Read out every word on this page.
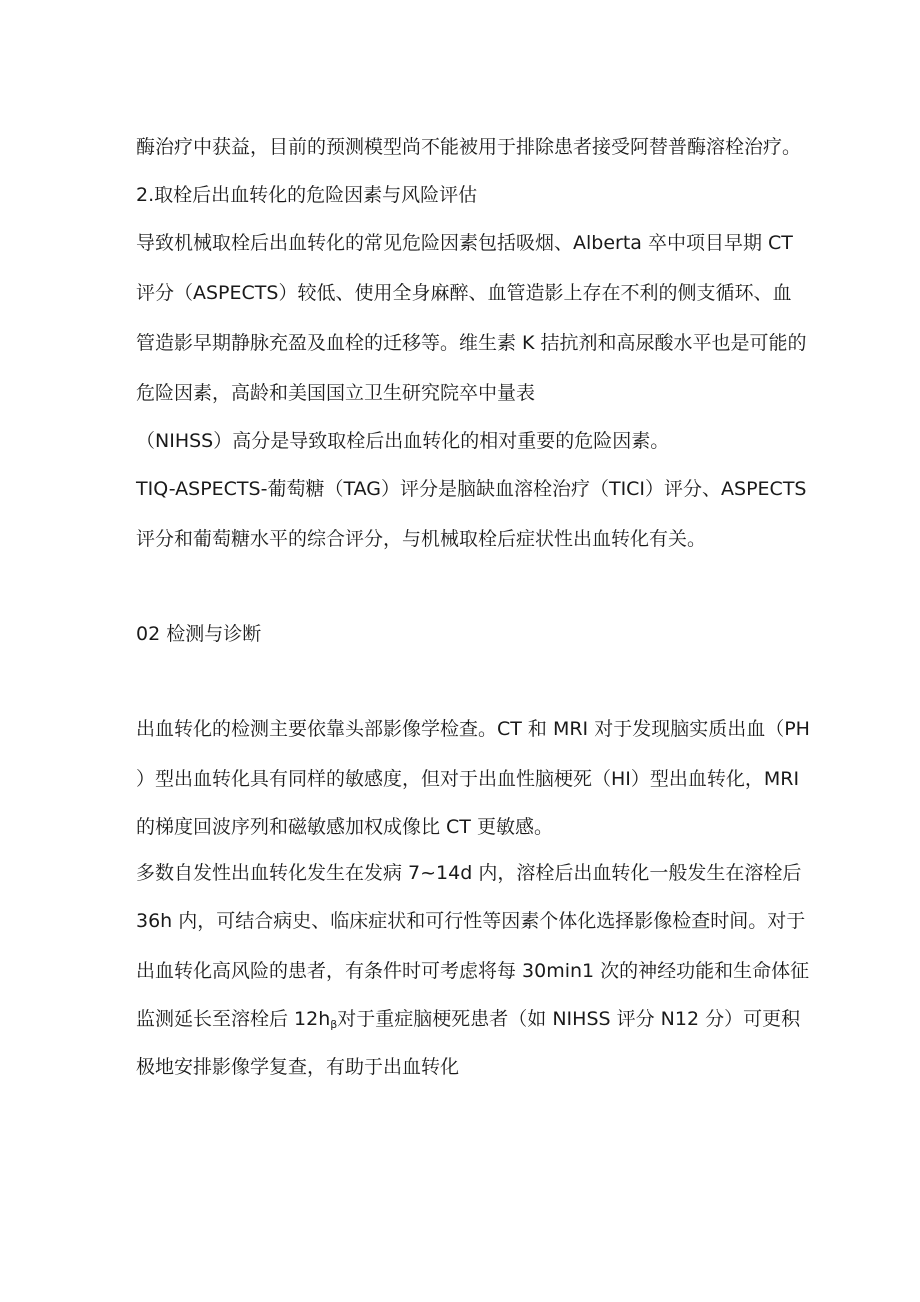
酶治疗中获益，目前的预测模型尚不能被用于排除患者接受阿替普酶溶栓治疗。
2.取栓后出血转化的危险因素与风险评估
导致机械取栓后出血转化的常见危险因素包括吸烟、Alberta 卒中项目早期 CT
评分（ASPECTS）较低、使用全身麻醉、血管造影上存在不利的侧支循环、血
管造影早期静脉充盈及血栓的迁移等。维生素 K 拮抗剂和高尿酸水平也是可能的
危险因素，高龄和美国国立卫生研究院卒中量表
（NIHSS）高分是导致取栓后出血转化的相对重要的危险因素。
TIQ-ASPECTS-葡萄糖（TAG）评分是脑缺血溶栓治疗（TICI）评分、ASPECTS
评分和葡萄糖水平的综合评分，与机械取栓后症状性出血转化有关。
02 检测与诊断
出血转化的检测主要依靠头部影像学检查。CT 和 MRI 对于发现脑实质出血（PH
）型出血转化具有同样的敏感度，但对于出血性脑梗死（HI）型出血转化，MRI
的梯度回波序列和磁敏感加权成像比 CT 更敏感。
多数自发性出血转化发生在发病 7~14d 内，溶栓后出血转化一般发生在溶栓后
36h 内，可结合病史、临床症状和可行性等因素个体化选择影像检查时间。对于
出血转化高风险的患者，有条件时可考虑将每 30min1 次的神经功能和生命体征
监测延长至溶栓后 $12h_\beta$对于重症脑梗死患者（如 NIHSS 评分 N12 分）可更积
极地安排影像学复查，有助于出血转化
